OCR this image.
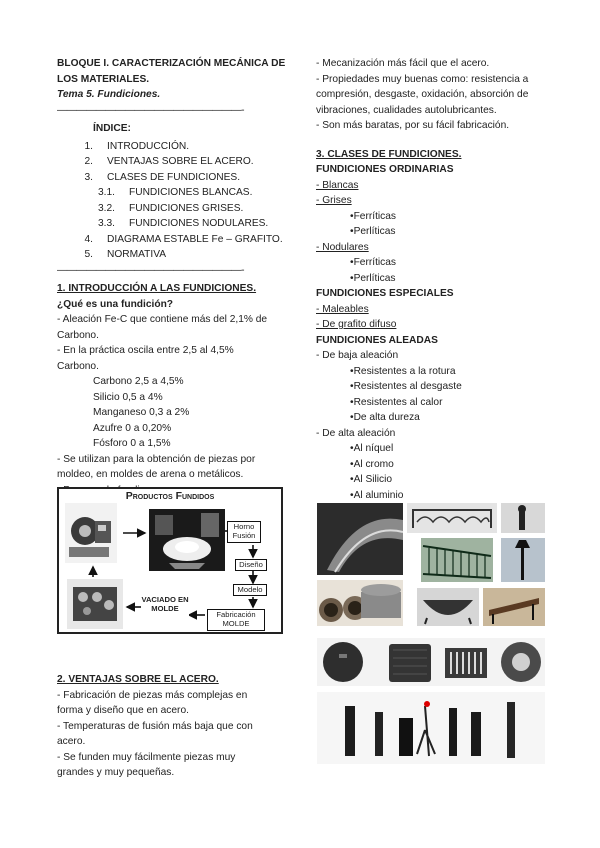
BLOQUE I. CARACTERIZACIÓN MECÁNICA DE
LOS MATERIALES.
Tema 5. Fundiciones.
———————————————————-
ÍNDICE:
1.	INTRODUCCIÓN.
2.	VENTAJAS SOBRE EL ACERO.
3.	CLASES DE FUNDICIONES.
3.1.	FUNDICIONES BLANCAS.
3.2.	FUNDICIONES GRISES.
3.3.	FUNDICIONES NODULARES.
4.	DIAGRAMA ESTABLE Fe – GRAFITO.
5.	NORMATIVA
———————————————————-
1. INTRODUCCIÓN A LAS FUNDICIONES.
¿Qué es una fundición?
- Aleación Fe-C que contiene más del 2,1% de
Carbono.
- En la práctica oscila entre 2,5 al 4,5%
Carbono.
Carbono 2,5 a 4,5%
Silicio 0,5 a 4%
Manganeso 0,3 a 2%
Azufre 0 a 0,20%
Fósforo 0 a 1,5%
- Se utilizan para la obtención de piezas por
moldeo, en moldes de arena o metálicos.
Productos Fundidos
Horno Fusión
Diseño
Modelo
Fabricación MOLDE
VACIADO EN MOLDE
2. VENTAJAS SOBRE EL ACERO.
- Fabricación de piezas más complejas en
forma y diseño que en acero.
- Temperaturas de fusión más baja que con
acero.
- Se funden muy fácilmente piezas muy
grandes y muy pequeñas.
- Mecanización más fácil que el acero.
- Propiedades muy buenas como: resistencia a
compresión, desgaste, oxidación, absorción de
vibraciones, cualidades autolubricantes.
- Son más baratas, por su fácil fabricación.
3. CLASES DE FUNDICIONES.
FUNDICIONES ORDINARIAS
- Blancas
- Grises
•Ferríticas
•Perlíticas
- Nodulares
•Ferríticas
•Perlíticas
FUNDICIONES ESPECIALES
- Maleables
- De grafito difuso
FUNDICIONES ALEADAS
- De baja aleación
•Resistentes a la rotura
•Resistentes al desgaste
•Resistentes al calor
•De alta dureza
- De alta aleación
•Al níquel
•Al cromo
•Al Silicio
•Al aluminio
